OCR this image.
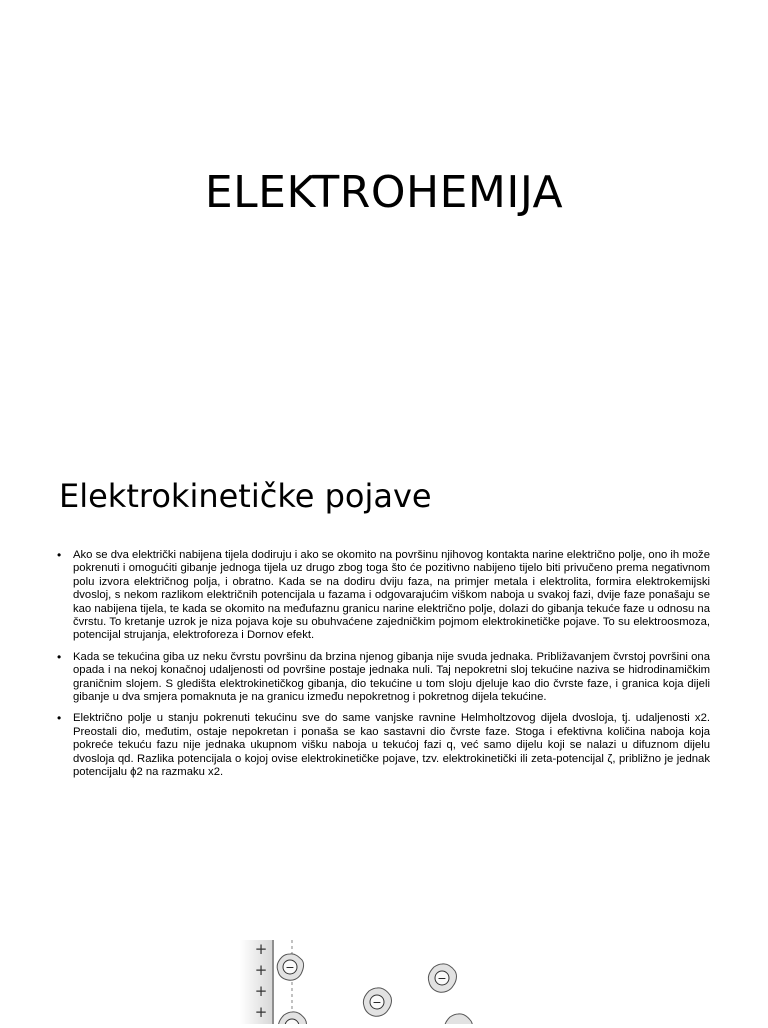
ELEKTROHEMIJA
Elektrokinetičke pojave
• Ako se dva električki nabijena tijela dodiruju i ako se okomito na površinu njihovog kontakta narine električno polje, ono ih može pokrenuti i omogućiti gibanje jednoga tijela uz drugo zbog toga što će pozitivno nabijeno tijelo biti privučeno prema negativnom polu izvora električnog polja, i obratno. Kada se na dodiru dviju faza, na primjer metala i elektrolita, formira elektrokemijski dvosloj, s nekom razlikom električnih potencijala u fazama i odgovarajućim viškom naboja u svakoj fazi, dvije faze ponašaju se kao nabijena tijela, te kada se okomito na međufaznu granicu narine električno polje, dolazi do gibanja tekuće faze u odnosu na čvrstu. To kretanje uzrok je niza pojava koje su obuhvaćene zajedničkim pojmom elektrokinetičke pojave. To su elektroosmoza, potencijal strujanja, elektroforeza i Dornov efekt.
• Kada se tekućina giba uz neku čvrstu površinu da brzina njenog gibanja nije svuda jednaka. Približavanjem čvrstoj površini ona opada i na nekoj konačnoj udaljenosti od površine postaje jednaka nuli. Taj nepokretni sloj tekućine naziva se hidrodinamičkim graničnim slojem. S gledišta elektrokinetičkog gibanja, dio tekućine u tom sloju djeluje kao dio čvrste faze, i granica koja dijeli gibanje u dva smjera pomaknuta je na granicu između nepokretnog i pokretnog dijela tekućine.
• Električno polje u stanju pokrenuti tekućinu sve do same vanjske ravnine Helmholtzovog dijela dvosloja, tj. udaljenosti x2. Preostali dio, međutim, ostaje nepokretan i ponaša se kao sastavni dio čvrste faze. Stoga i efektivna količina naboja koja pokreće tekuću fazu nije jednaka ukupnom višku naboja u tekućoj fazi q, već samo dijelu koji se nalazi u difuznom dijelu dvosloja qd. Razlika potencijala o kojoj ovise elektrokinetičke pojave, tzv. elektrokinetički ili zeta-potencijal ζ, približno je jednak potencijalu ϕ2 na razmaku x2.
+
+
+
+
−
−
−
